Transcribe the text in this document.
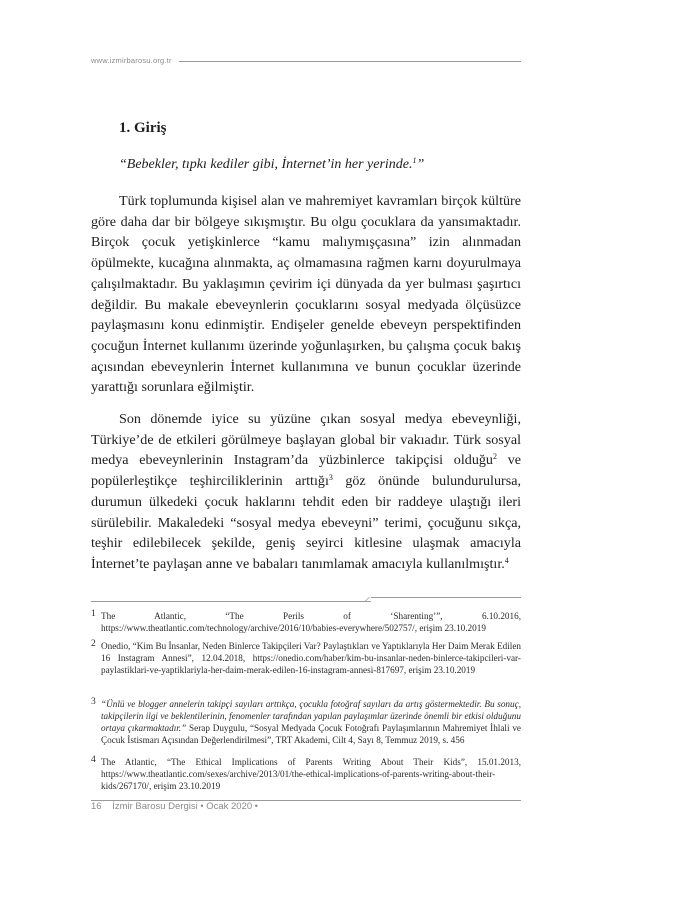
www.izmirbarosu.org.tr
1. Giriş

“Bebekler, tıpkı kediler gibi, İnternet’in her yerinde.$^1$”

Türk toplumunda kişisel alan ve mahremiyet kavramları birçok kültüre göre daha dar bir bölgeye sıkışmıştır. Bu olgu çocuklara da yansımaktadır. Birçok çocuk yetişkinlerce “kamu malıymışçasına” izin alınmadan öpülmekte, kucağına alınmakta, aç olmamasına rağmen karnı doyurulmaya çalışılmaktadır. Bu yaklaşımın çevirim içi dünyada da yer bulması şaşırtıcı değildir. Bu makale ebeveynlerin çocuklarını sosyal medyada ölçüsüzce paylaşmasını konu edinmiştir. Endişeler genelde ebeveyn perspektifinden çocuğun İnternet kullanımı üzerinde yoğunlaşırken, bu çalışma çocuk bakış açısından ebeveynlerin İnternet kullanımına ve bunun çocuklar üzerinde yarattığı sorunlara eğilmiştir.

Son dönemde iyice su yüzüne çıkan sosyal medya ebeveynliği, Türkiye’de de etkileri görülmeye başlayan global bir vakıadır. Türk sosyal medya ebeveynlerinin Instagram’da yüzbinlerce takipçisi olduğu$^2$ ve popülerleştikçe teşhirciliklerinin arttığı$^3$ göz önünde bulundurulursa, durumun ülkedeki çocuk haklarını tehdit eden bir raddeye ulaştığı ileri sürülebilir. Makaledeki “sosyal medya ebeveyni” terimi, çocuğunu sıkça, teşhir edilebilecek şekilde, geniş seyirci kitlesine ulaşmak amacıyla İnternet’te paylaşan anne ve babaları tanımlamak amacıyla kullanılmıştır.$^4$

1 The Atlantic, “The Perils of ‘Sharenting’”, 6.10.2016, https://www.theatlantic.com/technology/archive/2016/10/babies-everywhere/502757/, erişim 23.10.2019
2 Onedio, “Kim Bu İnsanlar, Neden Binlerce Takipçileri Var? Paylaştıkları ve Yaptıklarıyla Her Daim Merak Edilen 16 Instagram Annesi”, 12.04.2018, https://onedio.com/haber/kim-bu-insanlar-neden-binlerce-takipcileri-var-paylastiklari-ve-yaptiklariyla-her-daim-merak-edilen-16-instagram-annesi-817697, erişim 23.10.2019
3 “Ünlü ve blogger annelerin takipçi sayıları arttıkça, çocukla fotoğraf sayıları da artış göstermektedir. Bu sonuç, takipçilerin ilgi ve beklentilerinin, fenomenler tarafından yapılan paylaşımlar üzerinde önemli bir etkisi olduğunu ortaya çıkarmaktadır.” Serap Duygulu, “Sosyal Medyada Çocuk Fotoğrafı Paylaşımlarının Mahremiyet İhlali ve Çocuk İstismarı Açısından Değerlendirilmesi”, TRT Akademi, Cilt 4, Sayı 8, Temmuz 2019, s. 456
4 The Atlantic, “The Ethical Implications of Parents Writing About Their Kids”, 15.01.2013, https://www.theatlantic.com/sexes/archive/2013/01/the-ethical-implications-of-parents-writing-about-their-kids/267170/, erişim 23.10.2019
16 İzmir Barosu Dergisi • Ocak 2020 •
